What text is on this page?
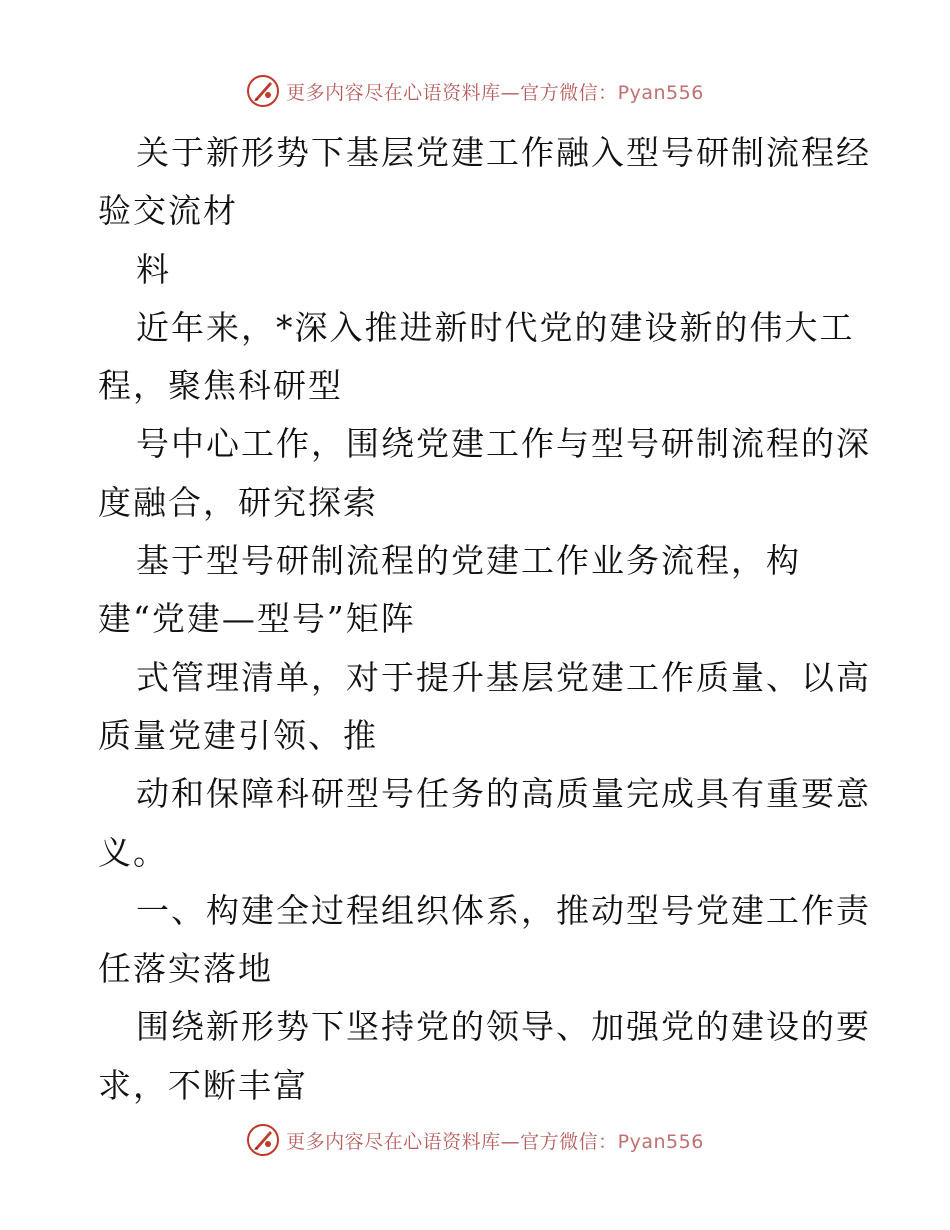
更多内容尽在心语资料库—官方微信：Pyan556

关于新形势下基层党建工作融入型号研制流程经

验交流材

料

近年来，*深入推进新时代党的建设新的伟大工

程，聚焦科研型

号中心工作，围绕党建工作与型号研制流程的深

度融合，研究探索

基于型号研制流程的党建工作业务流程，构

建“党建—型号”矩阵

式管理清单，对于提升基层党建工作质量、以高

质量党建引领、推

动和保障科研型号任务的高质量完成具有重要意

义。

一、构建全过程组织体系，推动型号党建工作责

任落实落地

围绕新形势下坚持党的领导、加强党的建设的要

求，不断丰富

更多内容尽在心语资料库—官方微信：Pyan556
